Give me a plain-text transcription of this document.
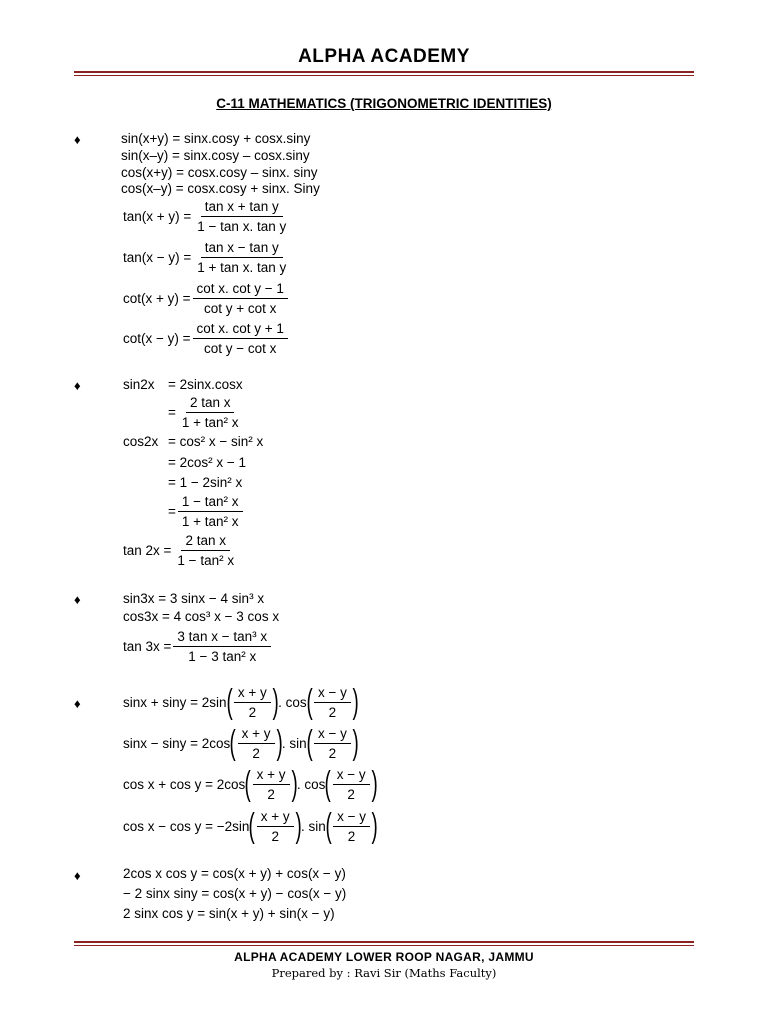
ALPHA ACADEMY
C-11 MATHEMATICS (TRIGONOMETRIC IDENTITIES)
♦	sin(x+y) = sinx.cosy + cosx.siny
sin(x–y) = sinx.cosy – cosx.siny
cos(x+y) = cosx.cosy – sinx. siny
cos(x–y) = cosx.cosy + sinx. Siny
$\tan(x + y) = \frac{\text{tan x + tan y}}{\text{1 − tan x. tan y}}$
$\tan(x - y) = \frac{\text{tan x − tan y}}{\text{1 + tan x. tan y}}$
$\cot(x + y) = \frac{\text{cot x. cot y − 1}}{\text{cot y + cot x}}$
$\cot(x - y) = \frac{\text{cot x. cot y + 1}}{\text{cot y − cot x}}$
♦	sin2x = 2sinx.cosx
= $\frac{\text{2 tan x}}{\text{1 + tan² x}}$
cos2x = cos² x − sin² x
= 2cos² x − 1
= 1 − 2sin² x
= $\frac{\text{1 − tan² x}}{\text{1 + tan² x}}$
$\tan 2x = \frac{\text{2 tan x}}{\text{1 − tan² x}}$
♦	sin3x = 3 sinx − 4 sin³ x
cos3x = 4 cos³ x − 3 cos x
$\tan 3x = \frac{\text{3 tan x − tan³ x}}{\text{1 − 3 tan² x}}$
♦	sinx + siny = 2sin ( $\frac{x + y}{2}$ ) . cos ( $\frac{x - y}{2}$ )
sinx − siny = 2cos ( $\frac{x + y}{2}$ ) . sin ( $\frac{x - y}{2}$ )
cos x + cos y = 2cos ( $\frac{x + y}{2}$ ) . cos ( $\frac{x - y}{2}$ )
cos x − cos y = −2sin ( $\frac{x + y}{2}$ ) . sin ( $\frac{x - y}{2}$ )
♦	2cos x cos y = cos(x + y) + cos(x − y)
− 2 sinx siny = cos(x + y) − cos(x − y)
2 sinx cos y = sin(x + y) + sin(x − y)
ALPHA ACADEMY LOWER ROOP NAGAR, JAMMU
Prepared by : Ravi Sir (Maths Faculty)
